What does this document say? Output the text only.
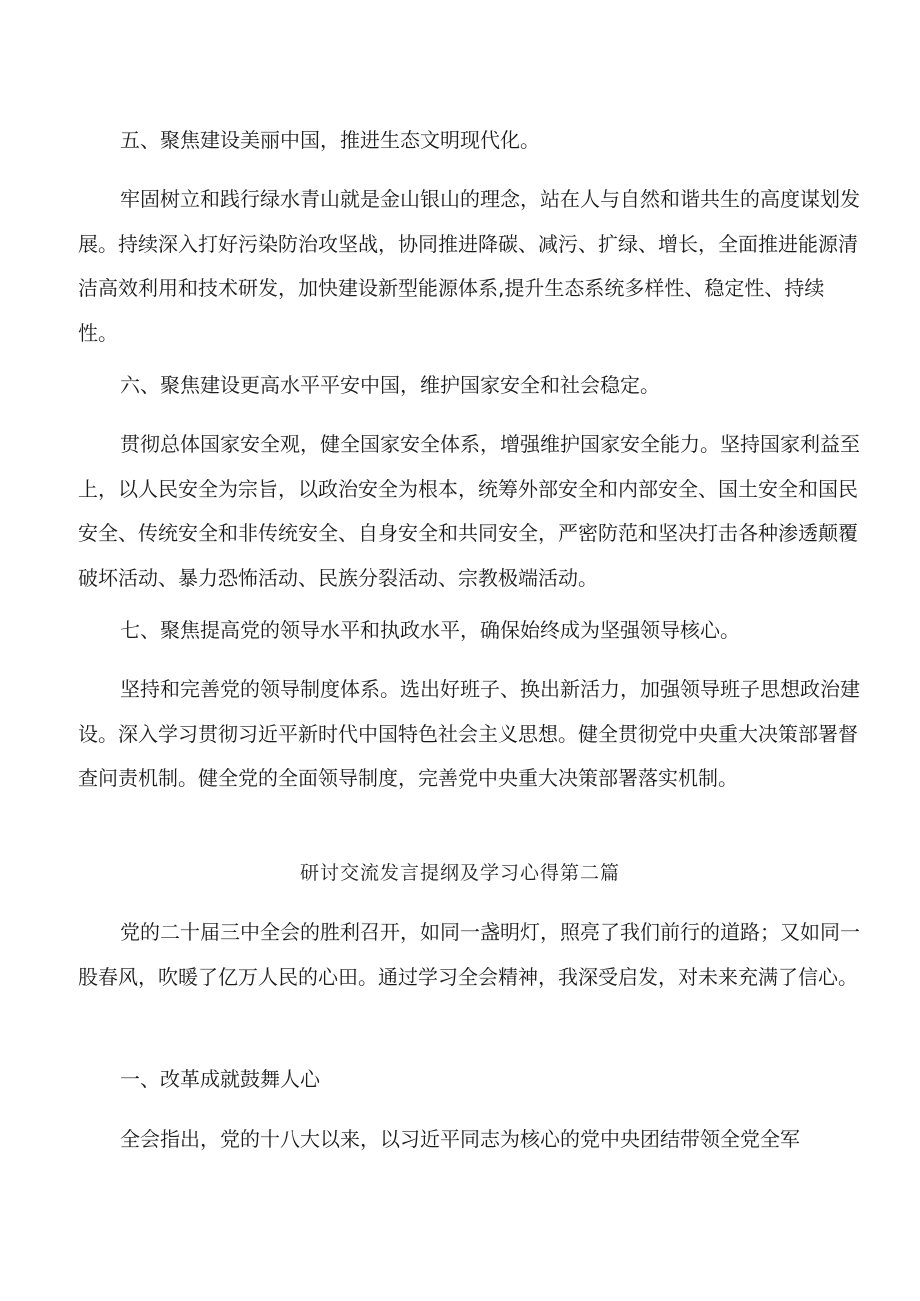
五、聚焦建设美丽中国，推进生态文明现代化。

牢固树立和践行绿水青山就是金山银山的理念，站在人与自然和谐共生的高度谋划发展。持续深入打好污染防治攻坚战，协同推进降碳、减污、扩绿、增长，全面推进能源清洁高效利用和技术研发，加快建设新型能源体系,提升生态系统多样性、稳定性、持续性。

六、聚焦建设更高水平平安中国，维护国家安全和社会稳定。

贯彻总体国家安全观，健全国家安全体系，增强维护国家安全能力。坚持国家利益至上，以人民安全为宗旨，以政治安全为根本，统筹外部安全和内部安全、国土安全和国民安全、传统安全和非传统安全、自身安全和共同安全，严密防范和坚决打击各种渗透颠覆破坏活动、暴力恐怖活动、民族分裂活动、宗教极端活动。

七、聚焦提高党的领导水平和执政水平，确保始终成为坚强领导核心。

坚持和完善党的领导制度体系。选出好班子、换出新活力，加强领导班子思想政治建设。深入学习贯彻习近平新时代中国特色社会主义思想。健全贯彻党中央重大决策部署督查问责机制。健全党的全面领导制度，完善党中央重大决策部署落实机制。

研讨交流发言提纲及学习心得第二篇

党的二十届三中全会的胜利召开，如同一盏明灯，照亮了我们前行的道路；又如同一股春风，吹暖了亿万人民的心田。通过学习全会精神，我深受启发，对未来充满了信心。

一、改革成就鼓舞人心

全会指出，党的十八大以来，以习近平同志为核心的党中央团结带领全党全军
